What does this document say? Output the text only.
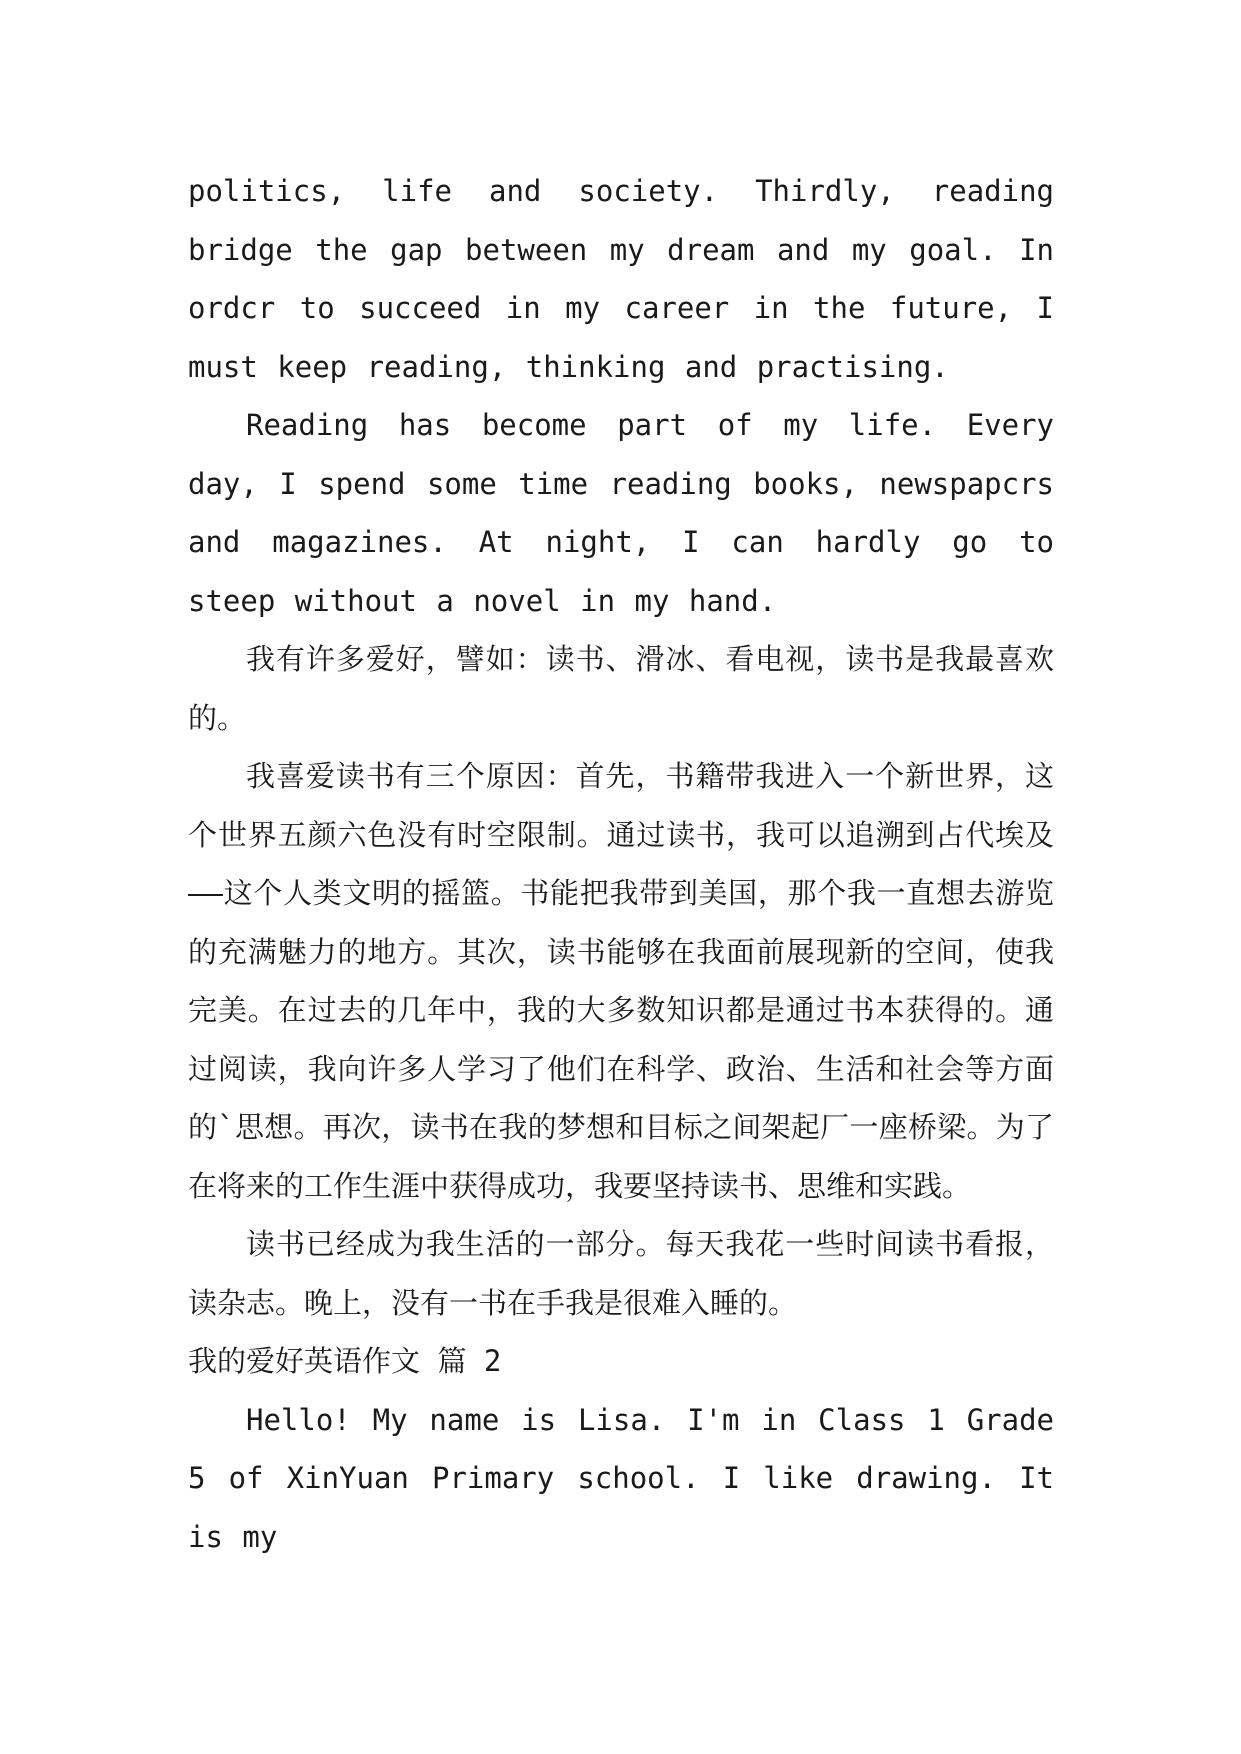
politics, life and society. Thirdly, reading bridge the gap between my dream and my goal. In ordcr to succeed in my career in the future, I must keep reading, thinking and practising.

Reading has become part of my life. Every day, I spend some time reading books, newspapcrs and magazines. At night, I can hardly go to steep without a novel in my hand.

我有许多爱好，譬如：读书、滑冰、看电视，读书是我最喜欢的。

我喜爱读书有三个原因：首先，书籍带我进入一个新世界，这个世界五颜六色没有时空限制。通过读书，我可以追溯到占代埃及——这个人类文明的摇篮。书能把我带到美国，那个我一直想去游览的充满魅力的地方。其次，读书能够在我面前展现新的空间，使我完美。在过去的几年中，我的大多数知识都是通过书本获得的。通过阅读，我向许多人学习了他们在科学、政治、生活和社会等方面的`思想。再次，读书在我的梦想和目标之间架起厂一座桥梁。为了在将来的工作生涯中获得成功，我要坚持读书、思维和实践。

读书已经成为我生活的一部分。每天我花一些时间读书看报，读杂志。晚上，没有一书在手我是很难入睡的。

我的爱好英语作文 篇 2

Hello! My name is Lisa. I'm in Class 1 Grade 5 of XinYuan Primary school. I like drawing. It is my
